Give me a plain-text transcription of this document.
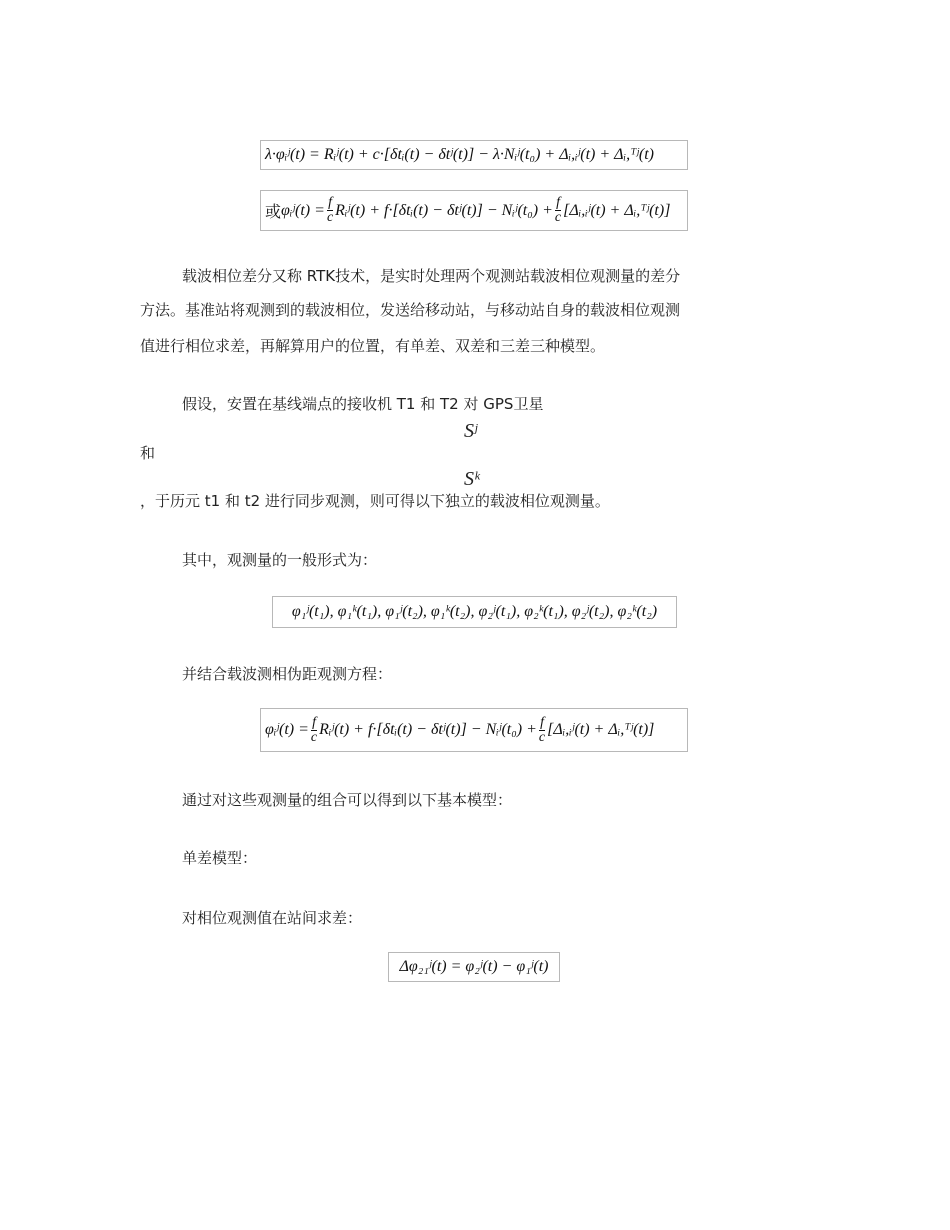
λ·φᵢʲ(t) = Rᵢʲ(t) + c·[δtᵢ(t) − δtʲ(t)] − λ·Nᵢʲ(t₀) + Δᵢ,ᵢʲ(t) + Δᵢ,ᵀʲ(t)
或 φᵢʲ(t) = $\frac{f}{c}$ Rᵢʲ(t) + f·[δtᵢ(t) − δtʲ(t)] − Nᵢʲ(t₀) + $\frac{f}{c}$ [Δᵢ,ᵢʲ(t) + Δᵢ,ᵀʲ(t)]
载波相位差分又称 RTK技术，是实时处理两个观测站载波相位观测量的差分
方法。基准站将观测到的载波相位，发送给移动站，与移动站自身的载波相位观测
值进行相位求差，再解算用户的位置，有单差、双差和三差三种模型。
假设，安置在基线端点的接收机 T1 和 T2 对 GPS卫星
Sʲ
和
Sᵏ
，于历元 t1 和 t2 进行同步观测，则可得以下独立的载波相位观测量。
其中，观测量的一般形式为：
φ₁ʲ(t₁), φ₁ᵏ(t₁), φ₁ʲ(t₂), φ₁ᵏ(t₂), φ₂ʲ(t₁), φ₂ᵏ(t₁), φ₂ʲ(t₂), φ₂ᵏ(t₂)
并结合载波测相伪距观测方程：
φᵢʲ(t) = $\frac{f}{c}$ Rᵢʲ(t) + f·[δtᵢ(t) − δtʲ(t)] − Nᵢʲ(t₀) + $\frac{f}{c}$ [Δᵢ,ᵢʲ(t) + Δᵢ,ᵀʲ(t)]
通过对这些观测量的组合可以得到以下基本模型：
单差模型：
对相位观测值在站间求差：
Δφ₂₁ʲ(t) = φ₂ʲ(t) − φ₁ʲ(t)
